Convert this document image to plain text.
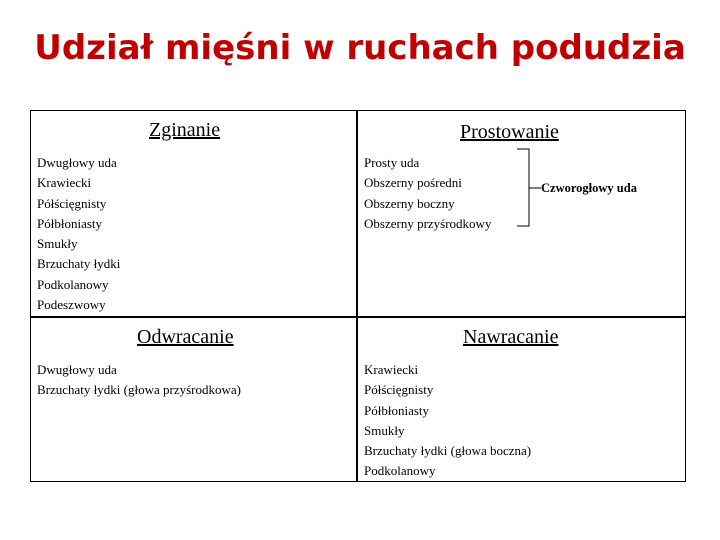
Udział mięśni w ruchach podudzia
Zginanie
Dwugłowy uda
Krawiecki
Półścięgnisty
Półbłoniasty
Smukły
Brzuchaty łydki
Podkolanowy
Podeszwowy
Prostowanie
Prosty uda
Obszerny pośredni
Obszerny boczny
Obszerny przyśrodkowy
Czworogłowy uda
Odwracanie
Dwugłowy uda
Brzuchaty łydki (głowa przyśrodkowa)
Nawracanie
Krawiecki
Półścięgnisty
Półbłoniasty
Smukły
Brzuchaty łydki (głowa boczna)
Podkolanowy
